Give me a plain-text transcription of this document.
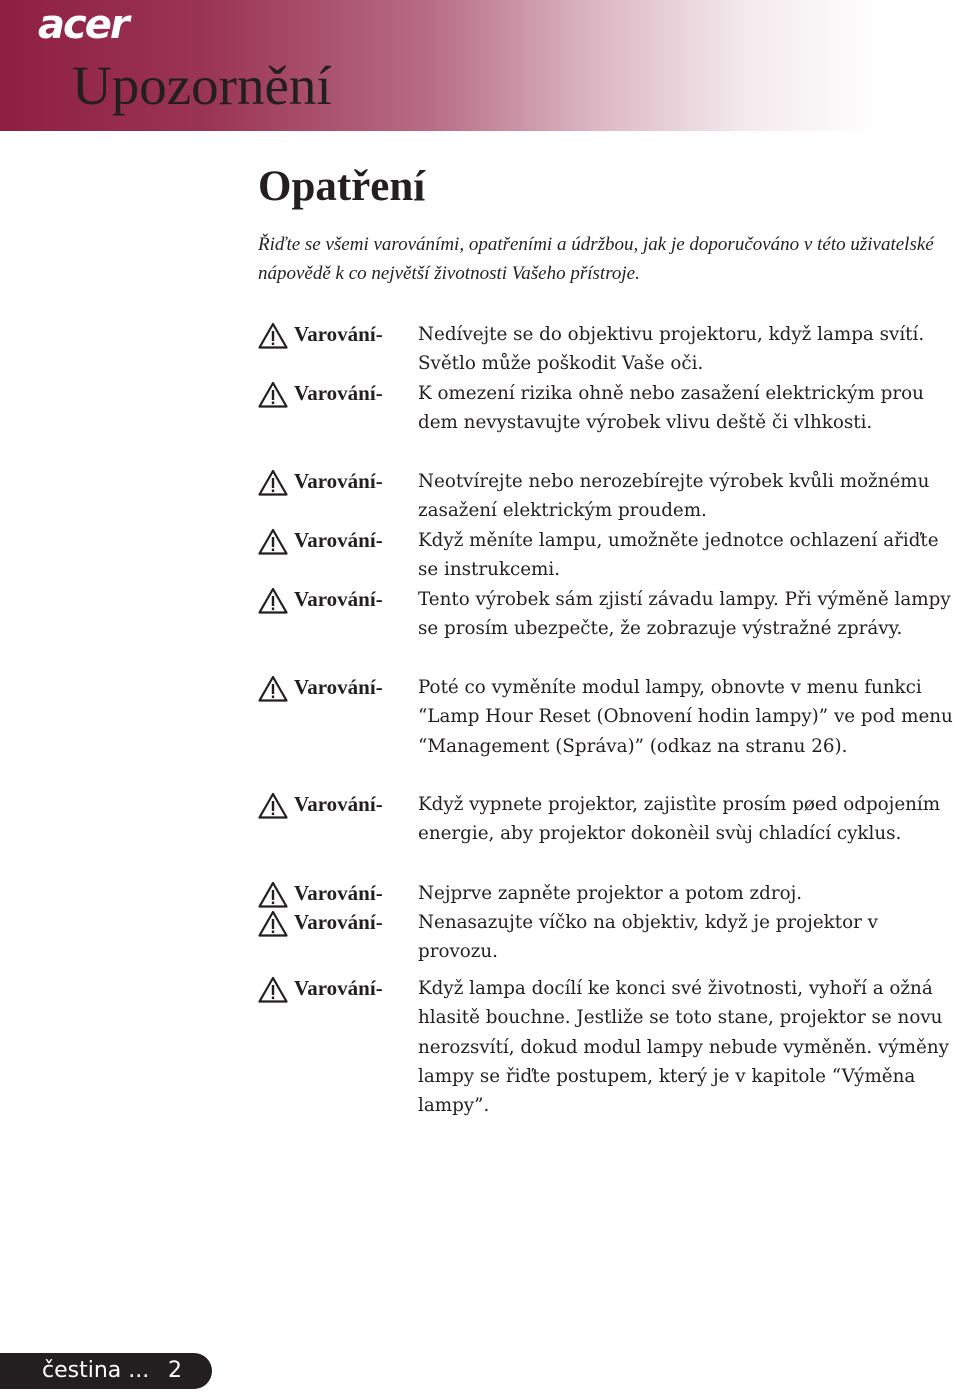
acer
Upozornění
Opatření

Řiďte se všemi varováními, opatřeními a údržbou, jak je doporučováno v této uživatelské nápovědě k co největší životnosti Vašeho přístroje.

Varování- Nedívejte se do objektivu projektoru, když lampa svítí. Světlo může poškodit Vaše oči.

Varování- K omezení rizika ohně nebo zasažení elektrickým prou dem nevystavujte výrobek vlivu deště či vlhkosti.

Varování- Neotvírejte nebo nerozebírejte výrobek kvůli možnému zasažení elektrickým proudem.

Varování- Když měníte lampu, umožněte jednotce ochlazení ařiďte se instrukcemi.

Varování- Tento výrobek sám zjistí závadu lampy. Při výměně lampy se prosím ubezpečte, že zobrazuje výstražné zprávy.

Varování- Poté co vyměníte modul lampy, obnovte v menu funkci “Lamp Hour Reset (Obnovení hodin lampy)” ve pod menu “Management (Správa)” (odkaz na stranu 26).

Varování- Když vypnete projektor, zajistìte prosím pøed odpojením energie, aby projektor dokonèil svùj chladící cyklus.

Varování- Nejprve zapněte projektor a potom zdroj.

Varování- Nenasazujte víčko na objektiv, když je projektor v provozu.

Varování- Když lampa docílí ke konci své životnosti, vyhoří a ožná hlasitě bouchne. Jestliže se toto stane, projektor se novu nerozsvítí, dokud modul lampy nebude vyměněn. výměny lampy se řiďte postupem, který je v kapitole “Výměna lampy”.

čestina ... 2
